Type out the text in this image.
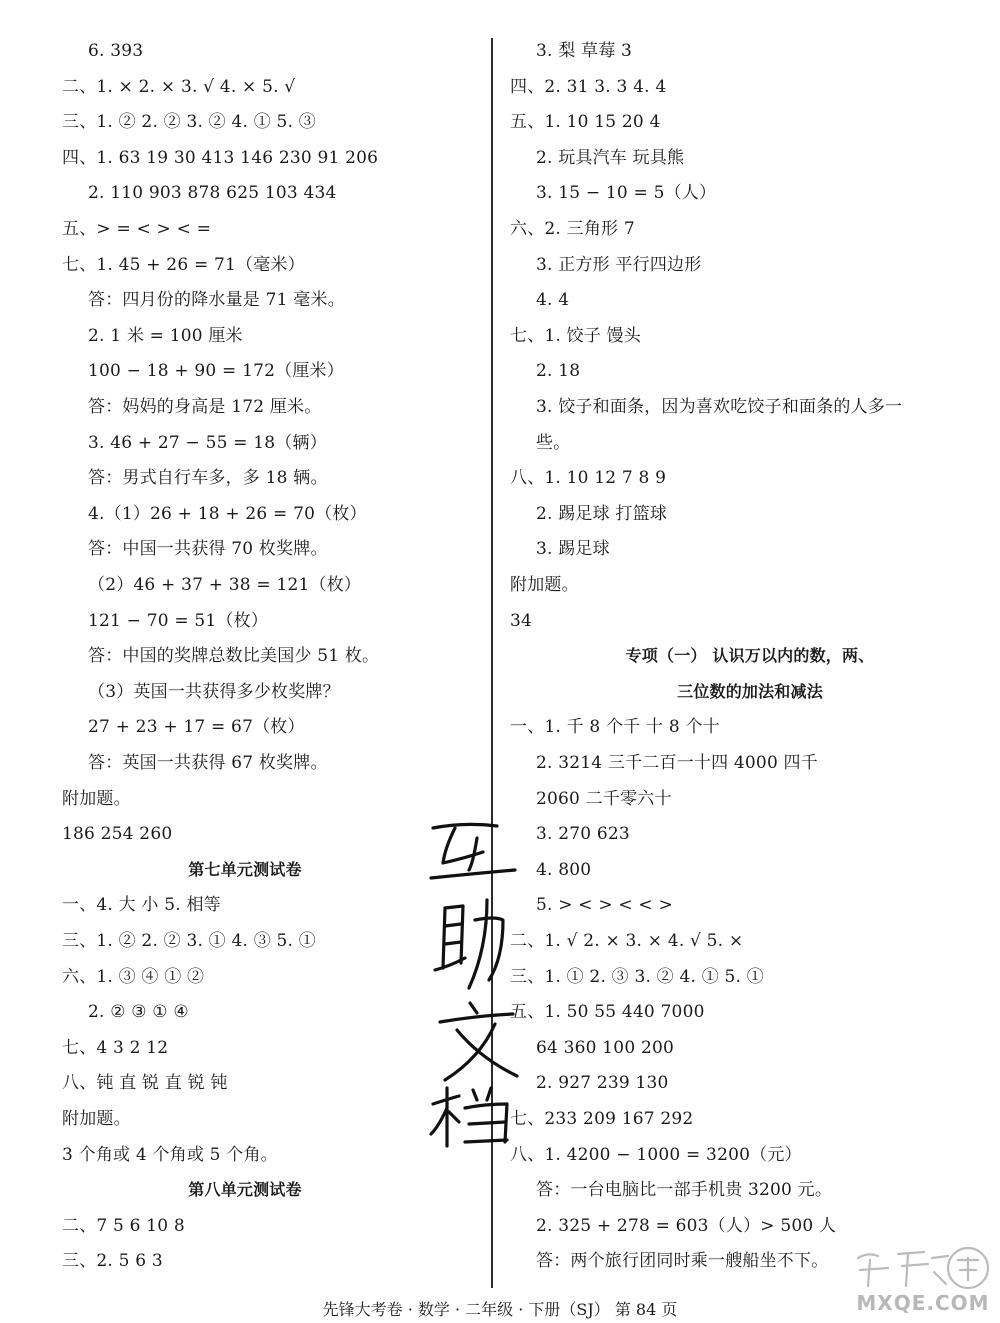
6. 393
二、1. × 2. × 3. √ 4. × 5. √
三、1. ② 2. ② 3. ② 4. ① 5. ③
四、1. 63 19 30 413 146 230 91 206
2. 110 903 878 625 103 434
五、> = < > < =
七、1. 45 + 26 = 71（毫米）
答：四月份的降水量是 71 毫米。
2. 1 米 = 100 厘米
100 − 18 + 90 = 172（厘米）
答：妈妈的身高是 172 厘米。
3. 46 + 27 − 55 = 18（辆）
答：男式自行车多，多 18 辆。
4.（1）26 + 18 + 26 = 70（枚）
答：中国一共获得 70 枚奖牌。
（2）46 + 37 + 38 = 121（枚）
121 − 70 = 51（枚）
答：中国的奖牌总数比美国少 51 枚。
（3）英国一共获得多少枚奖牌？
27 + 23 + 17 = 67（枚）
答：英国一共获得 67 枚奖牌。
附加题。
186 254 260
第七单元测试卷
一、4. 大 小 5. 相等
三、1. ② 2. ② 3. ① 4. ③ 5. ①
六、1. ③ ④ ① ②
2. ② ③ ① ④
七、4 3 2 12
八、钝 直 锐 直 锐 钝
附加题。
3 个角或 4 个角或 5 个角。
第八单元测试卷
二、7 5 6 10 8
三、2. 5 6 3
3. 梨 草莓 3
四、2. 31 3. 3 4. 4
五、1. 10 15 20 4
2. 玩具汽车 玩具熊
3. 15 − 10 = 5（人）
六、2. 三角形 7
3. 正方形 平行四边形
4. 4
七、1. 饺子 馒头
2. 18
3. 饺子和面条，因为喜欢吃饺子和面条的人多一
些。
八、1. 10 12 7 8 9
2. 踢足球 打篮球
3. 踢足球
附加题。
34
专项（一） 认识万以内的数，两、
三位数的加法和减法
一、1. 千 8 个千 十 8 个十
2. 3214 三千二百一十四 4000 四千
2060 二千零六十
3. 270 623
4. 800
5. > < > < < >
二、1. √ 2. × 3. × 4. √ 5. ×
三、1. ① 2. ③ 3. ② 4. ① 5. ①
五、1. 50 55 440 7000
64 360 100 200
2. 927 239 130
七、233 209 167 292
八、1. 4200 − 1000 = 3200（元）
答：一台电脑比一部手机贵 3200 元。
2. 325 + 278 = 603（人）> 500 人
答：两个旅行团同时乘一艘船坐不下。
MXQE.COM
先锋大考卷 · 数学 · 二年级 · 下册（SJ） 第 84 页
